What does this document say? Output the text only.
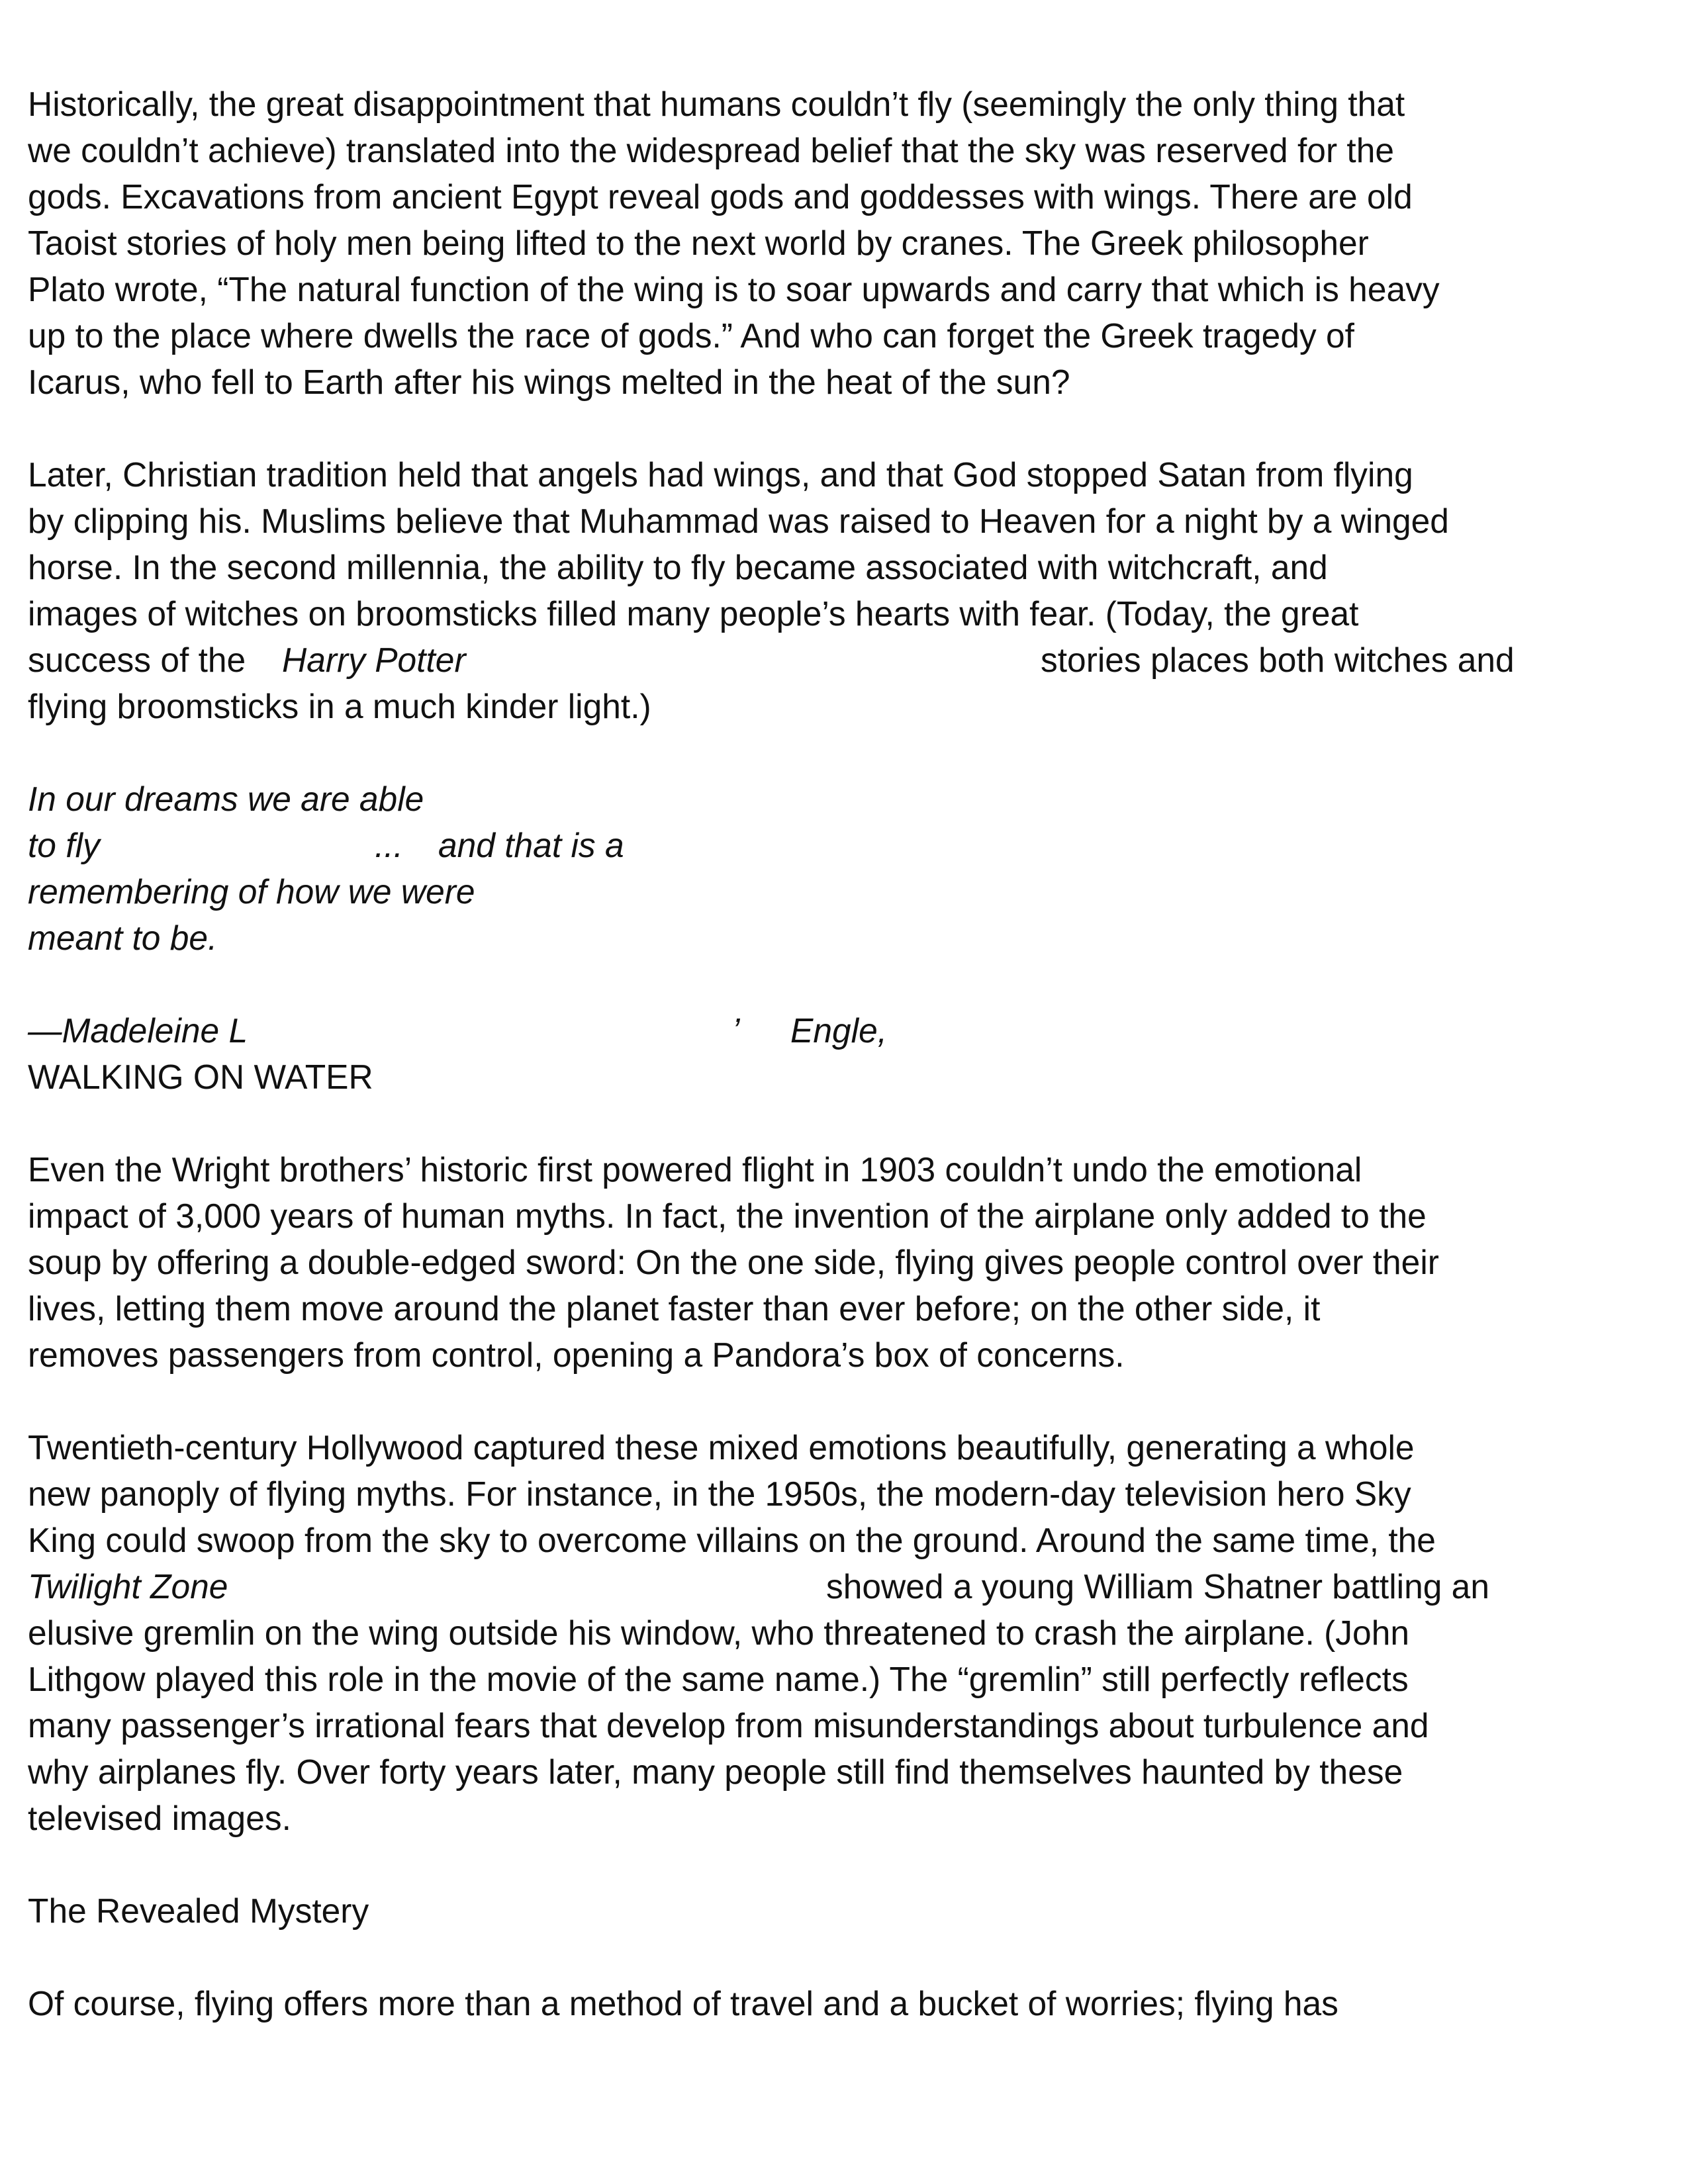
Historically, the great disappointment that humans couldn’t fly (seemingly the only thing that
we couldn’t achieve) translated into the widespread belief that the sky was reserved for the
gods. Excavations from ancient Egypt reveal gods and goddesses with wings. There are old
Taoist stories of holy men being lifted to the next world by cranes. The Greek philosopher
Plato wrote, “The natural function of the wing is to soar upwards and carry that which is heavy
up to the place where dwells the race of gods.” And who can forget the Greek tragedy of
Icarus, who fell to Earth after his wings melted in the heat of the sun?
Later, Christian tradition held that angels had wings, and that God stopped Satan from flying
by clipping his. Muslims believe that Muhammad was raised to Heaven for a night by a winged
horse. In the second millennia, the ability to fly became associated with witchcraft, and
images of witches on broomsticks filled many people’s hearts with fear. (Today, the great
success of the Harry Potter	stories places both witches and
flying broomsticks in a much kinder light.)
In our dreams we are able
to fly	... and that is a
remembering of how we were
meant to be.
—Madeleine L	’ Engle,
WALKING ON WATER
Even the Wright brothers’ historic first powered flight in 1903 couldn’t undo the emotional
impact of 3,000 years of human myths. In fact, the invention of the airplane only added to the
soup by offering a double-edged sword: On the one side, flying gives people control over their
lives, letting them move around the planet faster than ever before; on the other side, it
removes passengers from control, opening a Pandora’s box of concerns.
Twentieth-century Hollywood captured these mixed emotions beautifully, generating a whole
new panoply of flying myths. For instance, in the 1950s, the modern-day television hero Sky
King could swoop from the sky to overcome villains on the ground. Around the same time, the
Twilight Zone	showed a young William Shatner battling an
elusive gremlin on the wing outside his window, who threatened to crash the airplane. (John
Lithgow played this role in the movie of the same name.) The “gremlin” still perfectly reflects
many passenger’s irrational fears that develop from misunderstandings about turbulence and
why airplanes fly. Over forty years later, many people still find themselves haunted by these
televised images.
The Revealed Mystery
Of course, flying offers more than a method of travel and a bucket of worries; flying has
